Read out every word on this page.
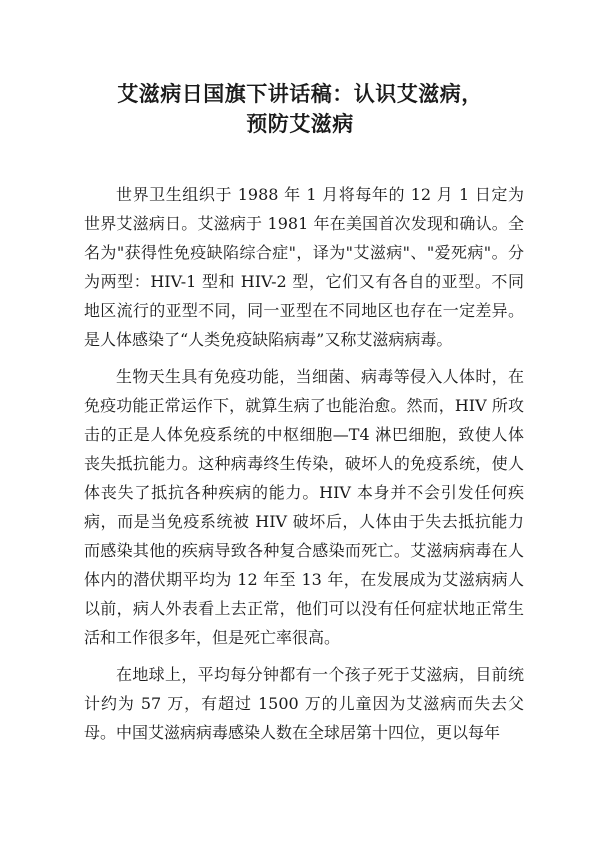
艾滋病日国旗下讲话稿：认识艾滋病，
预防艾滋病

世界卫生组织于 1988 年 1 月将每年的 12 月 1 日定为世界艾滋病日。艾滋病于 1981 年在美国首次发现和确认。全名为"获得性免疫缺陷综合症"，译为"艾滋病"、"爱死病"。分为两型：HIV-1 型和 HIV-2 型，它们又有各自的亚型。不同地区流行的亚型不同，同一亚型在不同地区也存在一定差异。是人体感染了“人类免疫缺陷病毒”又称艾滋病病毒。

生物天生具有免疫功能，当细菌、病毒等侵入人体时，在免疫功能正常运作下，就算生病了也能治愈。然而，HIV 所攻击的正是人体免疫系统的中枢细胞—T4 淋巴细胞，致使人体丧失抵抗能力。这种病毒终生传染，破坏人的免疫系统，使人体丧失了抵抗各种疾病的能力。HIV 本身并不会引发任何疾病，而是当免疫系统被 HIV 破坏后，人体由于失去抵抗能力而感染其他的疾病导致各种复合感染而死亡。艾滋病病毒在人体内的潜伏期平均为 12 年至 13 年，在发展成为艾滋病病人以前，病人外表看上去正常，他们可以没有任何症状地正常生活和工作很多年，但是死亡率很高。

在地球上，平均每分钟都有一个孩子死于艾滋病，目前统计约为 57 万，有超过 1500 万的儿童因为艾滋病而失去父母。中国艾滋病病毒感染人数在全球居第十四位，更以每年
